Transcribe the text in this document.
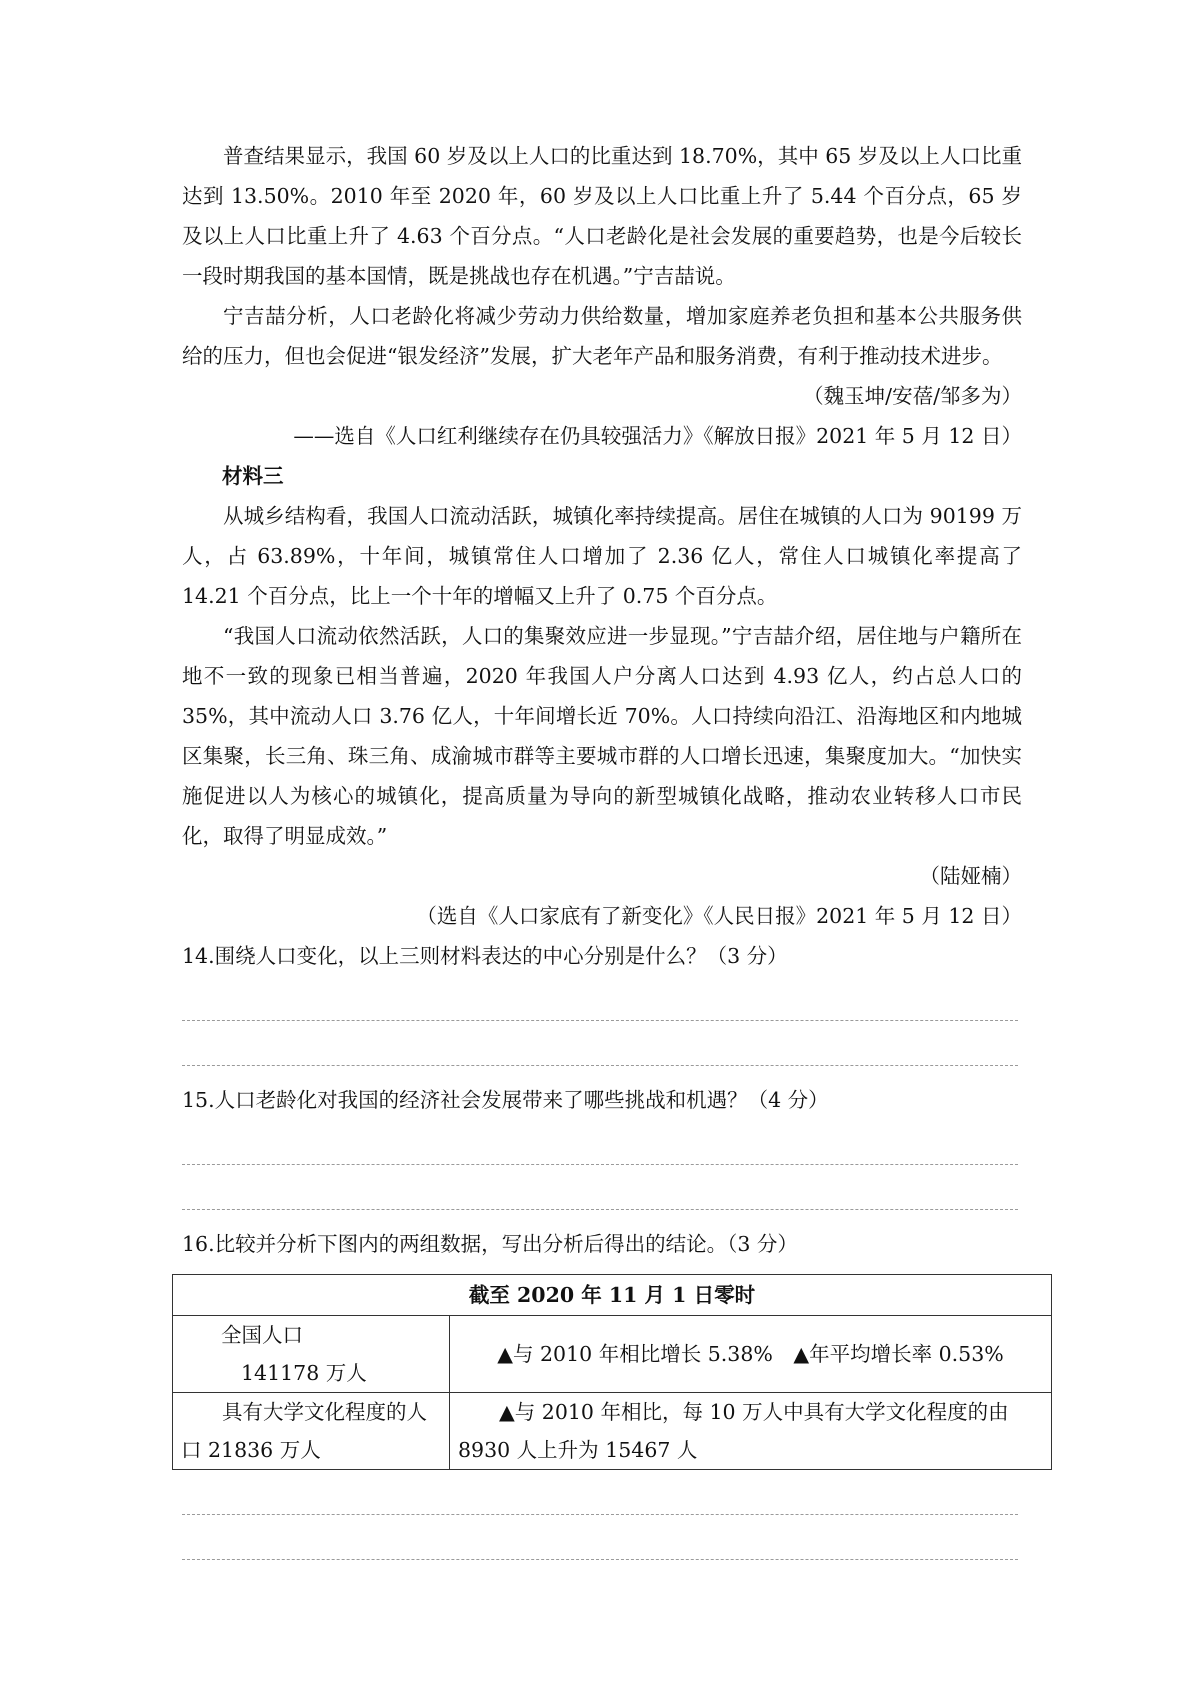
普查结果显示，我国 60 岁及以上人口的比重达到 18.70%，其中 65 岁及以上人口比重达到 13.50%。2010 年至 2020 年，60 岁及以上人口比重上升了 5.44 个百分点，65 岁及以上人口比重上升了 4.63 个百分点。“人口老龄化是社会发展的重要趋势，也是今后较长一段时期我国的基本国情，既是挑战也存在机遇。”宁吉喆说。

宁吉喆分析，人口老龄化将减少劳动力供给数量，增加家庭养老负担和基本公共服务供给的压力，但也会促进“银发经济”发展，扩大老年产品和服务消费，有利于推动技术进步。

（魏玉坤/安蓓/邹多为）

——选自《人口红利继续存在仍具较强活力》《解放日报》2021 年 5 月 12 日）

材料三

从城乡结构看，我国人口流动活跃，城镇化率持续提高。居住在城镇的人口为 90199 万人，占 63.89%，十年间，城镇常住人口增加了 2.36 亿人，常住人口城镇化率提高了 14.21 个百分点，比上一个十年的增幅又上升了 0.75 个百分点。

“我国人口流动依然活跃，人口的集聚效应进一步显现。”宁吉喆介绍，居住地与户籍所在地不一致的现象已相当普遍，2020 年我国人户分离人口达到 4.93 亿人，约占总人口的 35%，其中流动人口 3.76 亿人，十年间增长近 70%。人口持续向沿江、沿海地区和内地城区集聚，长三角、珠三角、成渝城市群等主要城市群的人口增长迅速，集聚度加大。“加快实施促进以人为核心的城镇化，提高质量为导向的新型城镇化战略，推动农业转移人口市民化，取得了明显成效。”

（陆娅楠）

（选自《人口家底有了新变化》《人民日报》2021 年 5 月 12 日）

14.围绕人口变化，以上三则材料表达的中心分别是什么？（3 分）
15.人口老龄化对我国的经济社会发展带来了哪些挑战和机遇？（4 分）
16.比较并分析下图内的两组数据，写出分析后得出的结论。（3 分）
截至 2020 年 11 月 1 日零时	

全国人口
141178 万人	▲与 2010 年相比增长 5.38%　▲年平均增长率 0.53%
具有大学文化程度的人口 21836 万人	▲与 2010 年相比，每 10 万人中具有大学文化程度的由 8930 人上升为 15467 人
